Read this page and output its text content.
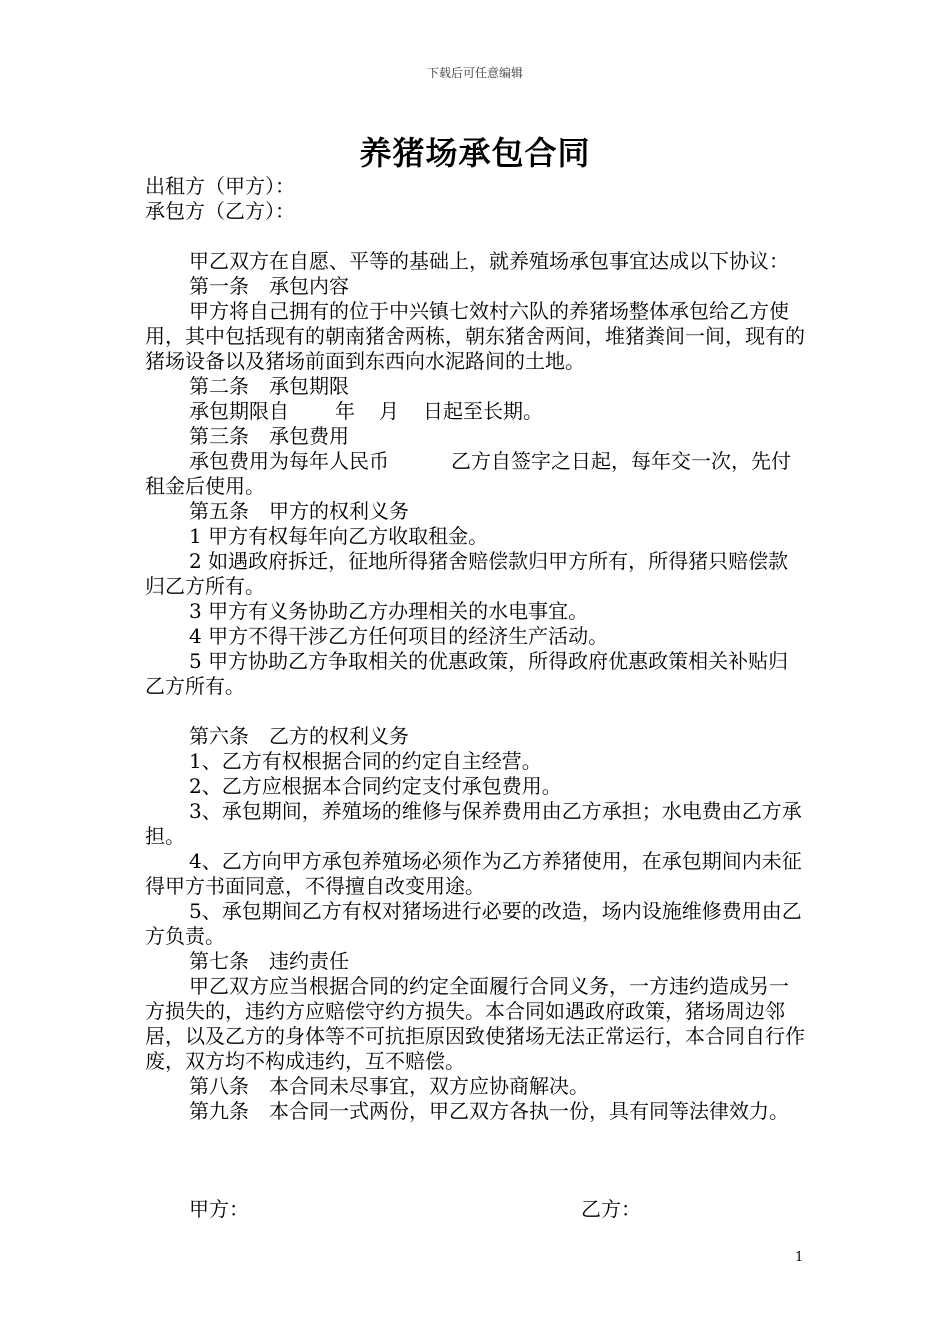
下载后可任意编辑
养猪场承包合同

出租方（甲方）：

承包方（乙方）：

甲乙双方在自愿、平等的基础上，就养殖场承包事宜达成以下协议：

第一条　承包内容

甲方将自己拥有的位于中兴镇七效村六队的养猪场整体承包给乙方使用，其中包括现有的朝南猪舍两栋，朝东猪舍两间，堆猪粪间一间，现有的猪场设备以及猪场前面到东西向水泥路间的土地。

第二条　承包期限

承包期限自 年 月 日起至长期。

第三条　承包费用

承包费用为每年人民币	乙方自签字之日起，每年交一次，先付租金后使用。

第五条　甲方的权利义务

1 甲方有权每年向乙方收取租金。

2 如遇政府拆迁，征地所得猪舍赔偿款归甲方所有，所得猪只赔偿款归乙方所有。

3 甲方有义务协助乙方办理相关的水电事宜。

4 甲方不得干涉乙方任何项目的经济生产活动。

5 甲方协助乙方争取相关的优惠政策，所得政府优惠政策相关补贴归乙方所有。

第六条　乙方的权利义务

1、乙方有权根据合同的约定自主经营。

2、乙方应根据本合同约定支付承包费用。

3、承包期间，养殖场的维修与保养费用由乙方承担；水电费由乙方承担。

4、乙方向甲方承包养殖场必须作为乙方养猪使用，在承包期间内未征得甲方书面同意，不得擅自改变用途。

5、承包期间乙方有权对猪场进行必要的改造，场内设施维修费用由乙方负责。

第七条　违约责任

甲乙双方应当根据合同的约定全面履行合同义务，一方违约造成另一方损失的，违约方应赔偿守约方损失。本合同如遇政府政策，猪场周边邻居，以及乙方的身体等不可抗拒原因致使猪场无法正常运行，本合同自行作废，双方均不构成违约，互不赔偿。

第八条　本合同未尽事宜，双方应协商解决。

第九条　本合同一式两份，甲乙双方各执一份，具有同等法律效力。

甲方：	乙方：
1
